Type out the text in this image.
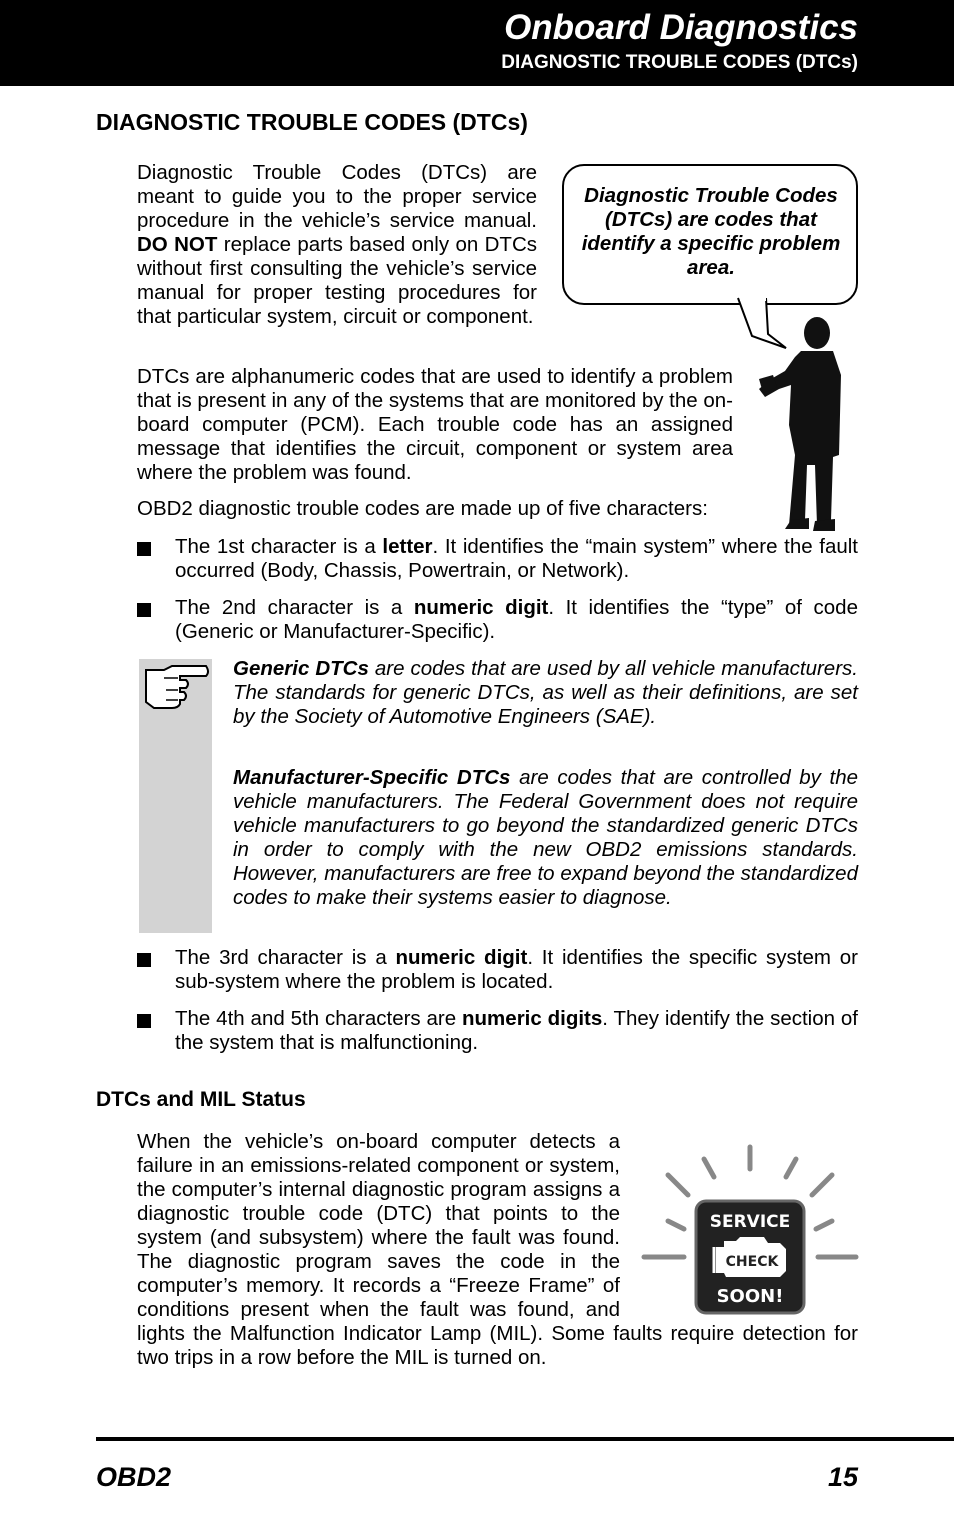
Onboard Diagnostics
DIAGNOSTIC TROUBLE CODES (DTCs)
DIAGNOSTIC TROUBLE CODES (DTCs)

Diagnostic Trouble Codes (DTCs) are meant to guide you to the proper service procedure in the vehicle’s service manual. DO NOT replace parts based only on DTCs without first consulting the vehicle’s service manual for proper testing procedures for that particular system, circuit or component.

Diagnostic Trouble Codes (DTCs) are codes that identify a specific problem area.

DTCs are alphanumeric codes that are used to identify a problem that is present in any of the systems that are monitored by the on-board computer (PCM). Each trouble code has an assigned message that identifies the circuit, component or system area where the problem was found.

OBD2 diagnostic trouble codes are made up of five characters:

The 1st character is a letter. It identifies the “main system” where the fault occurred (Body, Chassis, Powertrain, or Network).

The 2nd character is a numeric digit. It identifies the “type” of code (Generic or Manufacturer-Specific).

Generic DTCs are codes that are used by all vehicle manufacturers. The standards for generic DTCs, as well as their definitions, are set by the Society of Automotive Engineers (SAE).

Manufacturer-Specific DTCs are codes that are controlled by the vehicle manufacturers. The Federal Government does not require vehicle manufacturers to go beyond the standardized generic DTCs in order to comply with the new OBD2 emissions standards. However, manufacturers are free to expand beyond the standardized codes to make their systems easier to diagnose.

The 3rd character is a numeric digit. It identifies the specific system or sub-system where the problem is located.

The 4th and 5th characters are numeric digits. They identify the section of the system that is malfunctioning.

DTCs and MIL Status
SERVICE
CHECK
SOON!

When the vehicle’s on-board computer detects a failure in an emissions-related component or system, the computer’s internal diagnostic program assigns a diagnostic trouble code (DTC) that points to the system (and subsystem) where the fault was found. The diagnostic program saves the code in the computer’s memory. It records a “Freeze Frame” of conditions present when the fault was found, and lights the Malfunction Indicator Lamp (MIL). Some faults require detection for two trips in a row before the MIL is turned on.

OBD2	15
